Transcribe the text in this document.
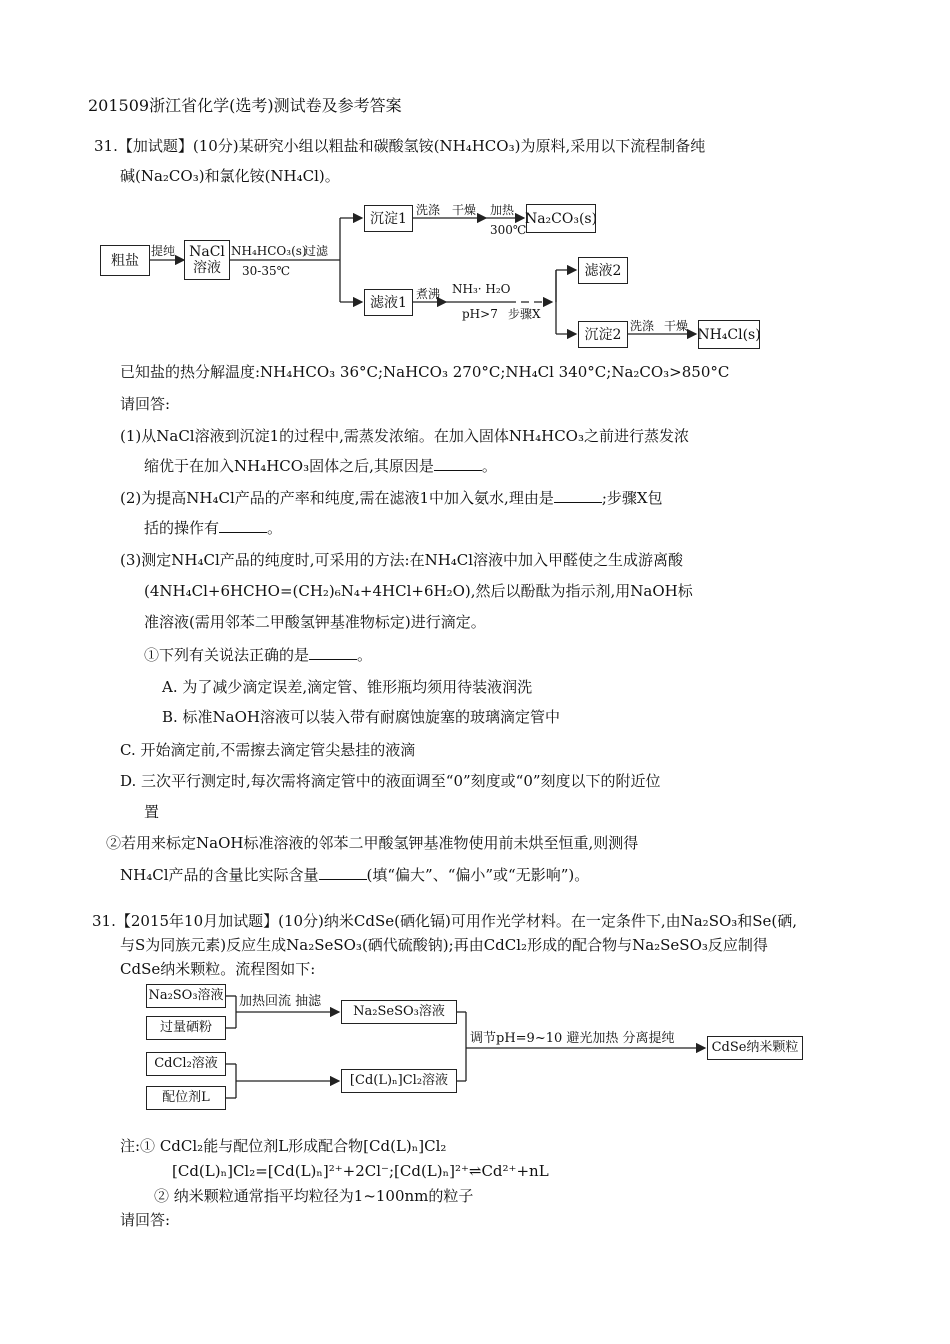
201509浙江省化学(选考)测试卷及参考答案
31.【加试题】(10分)某研究小组以粗盐和碳酸氢铵(NH₄HCO₃)为原料,采用以下流程制备纯
碱(Na₂CO₃)和氯化铵(NH₄Cl)。
粗盐
提纯 NaCl
溶液
NH₄HCO₃(s)
过滤
30-35℃
沉淀1
洗涤 干燥 加热
300℃
Na₂CO₃(s)
滤液1
煮沸 NH₃· H₂O
pH>7 步骤X
滤液2
沉淀2
洗涤 干燥
NH₄Cl(s)
已知盐的热分解温度:NH₄HCO₃ 36°C;NaHCO₃ 270°C;NH₄Cl 340°C;Na₂CO₃>850°C
请回答:
(1)从NaCl溶液到沉淀1的过程中,需蒸发浓缩。在加入固体NH₄HCO₃之前进行蒸发浓
缩优于在加入NH₄HCO₃固体之后,其原因是	。
(2)为提高NH₄Cl产品的产率和纯度,需在滤液1中加入氨水,理由是	;步骤X包
括的操作有	。
(3)测定NH₄Cl产品的纯度时,可采用的方法:在NH₄Cl溶液中加入甲醛使之生成游离酸
(4NH₄Cl+6HCHO=(CH₂)₆N₄+4HCl+6H₂O),然后以酚酞为指示剂,用NaOH标
准溶液(需用邻苯二甲酸氢钾基准物标定)进行滴定。
①下列有关说法正确的是	。
A. 为了减少滴定误差,滴定管、锥形瓶均须用待装液润洗
B. 标准NaOH溶液可以装入带有耐腐蚀旋塞的玻璃滴定管中
C. 开始滴定前,不需擦去滴定管尖悬挂的液滴
D. 三次平行测定时,每次需将滴定管中的液面调至“0”刻度或“0”刻度以下的附近位
置
②若用来标定NaOH标准溶液的邻苯二甲酸氢钾基准物使用前未烘至恒重,则测得
NH₄Cl产品的含量比实际含量	(填“偏大”、“偏小”或“无影响”)。
31.【2015年10月加试题】(10分)纳米CdSe(硒化镉)可用作光学材料。在一定条件下,由Na₂SO₃和Se(硒,
与S为同族元素)反应生成Na₂SeSO₃(硒代硫酸钠);再由CdCl₂形成的配合物与Na₂SeSO₃反应制得
CdSe纳米颗粒。流程图如下:
Na₂SO₃溶液
过量硒粉
加热回流 抽滤
Na₂SeSO₃溶液
CdCl₂溶液
配位剂L
[Cd(L)ₙ]Cl₂溶液
调节pH=9~10 避光加热 分离提纯
CdSe纳米颗粒
注:① CdCl₂能与配位剂L形成配合物[Cd(L)ₙ]Cl₂
[Cd(L)ₙ]Cl₂=[Cd(L)ₙ]²⁺+2Cl⁻;[Cd(L)ₙ]²⁺⇌Cd²⁺+nL
② 纳米颗粒通常指平均粒径为1~100nm的粒子
请回答:
